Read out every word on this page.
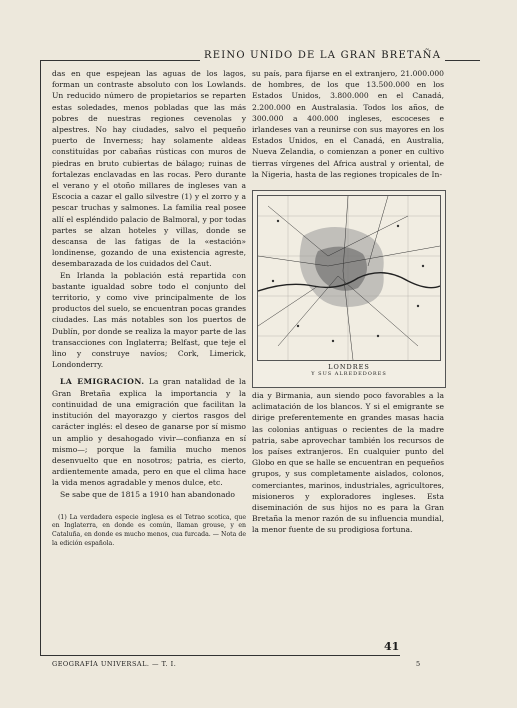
REINO UNIDO DE LA GRAN BRETAÑA

das en que espejean las aguas de los lagos, forman un contraste absoluto con los Lowlands. Un reducido número de propietarios se reparten estas soledades, menos pobladas que las más pobres de nuestras regiones cevenolas y alpestres. No hay ciudades, salvo el pequeño puerto de Inverness; hay solamente aldeas constituídas por cabañas rústicas con muros de piedras en bruto cubiertas de bálago; ruinas de fortalezas enclavadas en las rocas. Pero durante el verano y el otoño millares de ingleses van a Escocia a cazar el gallo silvestre (1) y el zorro y a pescar truchas y salmones. La familia real posee allí el espléndido palacio de Balmoral, y por todas partes se alzan hoteles y villas, donde se descansa de las fatigas de la «estación» londinense, gozando de una existencia agreste, desembarazada de los cuidados del Caut.

En Irlanda la población está repartida con bastante igualdad sobre todo el conjunto del territorio, y como vive principalmente de los productos del suelo, se encuentran pocas grandes ciudades. Las más notables son los puertos de Dublín, por donde se realiza la mayor parte de las transacciones con Inglaterra; Belfast, que teje el lino y construye navíos; Cork, Limerick, Londonderry.

LA EMIGRACION. La gran natalidad de la Gran Bretaña explica la importancia y la continuidad de una emigración que facilitan la institución del mayorazgo y ciertos rasgos del carácter inglés: el deseo de ganarse por sí mismo un amplio y desahogado vivir—confianza en sí mismo—; porque la familia mucho menos desenvuelto que en nosotros; patria, es cierto, ardientemente amada, pero en que el clima hace la vida menos agradable y menos dulce, etc.

Se sabe que de 1815 a 1910 han abandonado

(1) La verdadera especie inglesa es el Tetrao scotica, que en Inglaterra, en donde es común, llaman grouse, y en Cataluña, en donde es mucho menos, cua furcada. — Nota de la edición española.

su país, para fijarse en el extranjero, 21.000.000 de hombres, de los que 13.500.000 en los Estados Unidos, 3.800.000 en el Canadá, 2.200.000 en Australasia. Todos los años, de 300.000 a 400.000 ingleses, escoceses e irlandeses van a reunirse con sus mayores en los Estados Unidos, en el Canadá, en Australia, Nueva Zelandia, o comienzan a poner en cultivo tierras vírgenes del Africa austral y oriental, de la Nigeria, hasta de las regiones tropicales de In-

LONDRES
Y SUS ALREDEDORES

dia y Birmania, aun siendo poco favorables a la aclimatación de los blancos. Y si el emigrante se dirige preferentemente en grandes masas hacia las colonias antiguas o recientes de la madre patria, sabe aprovechar también los recursos de los países extranjeros. En cualquier punto del Globo en que se halle se encuentran en pequeños grupos, y sus completamente aislados, colonos, comerciantes, marinos, industriales, agricultores, misioneros y exploradores ingleses. Esta diseminación de sus hijos no es para la Gran Bretaña la menor razón de su influencia mundial, la menor fuente de su prodigiosa fortuna.

41
GEOGRAFÍA UNIVERSAL. — T. I.	5
